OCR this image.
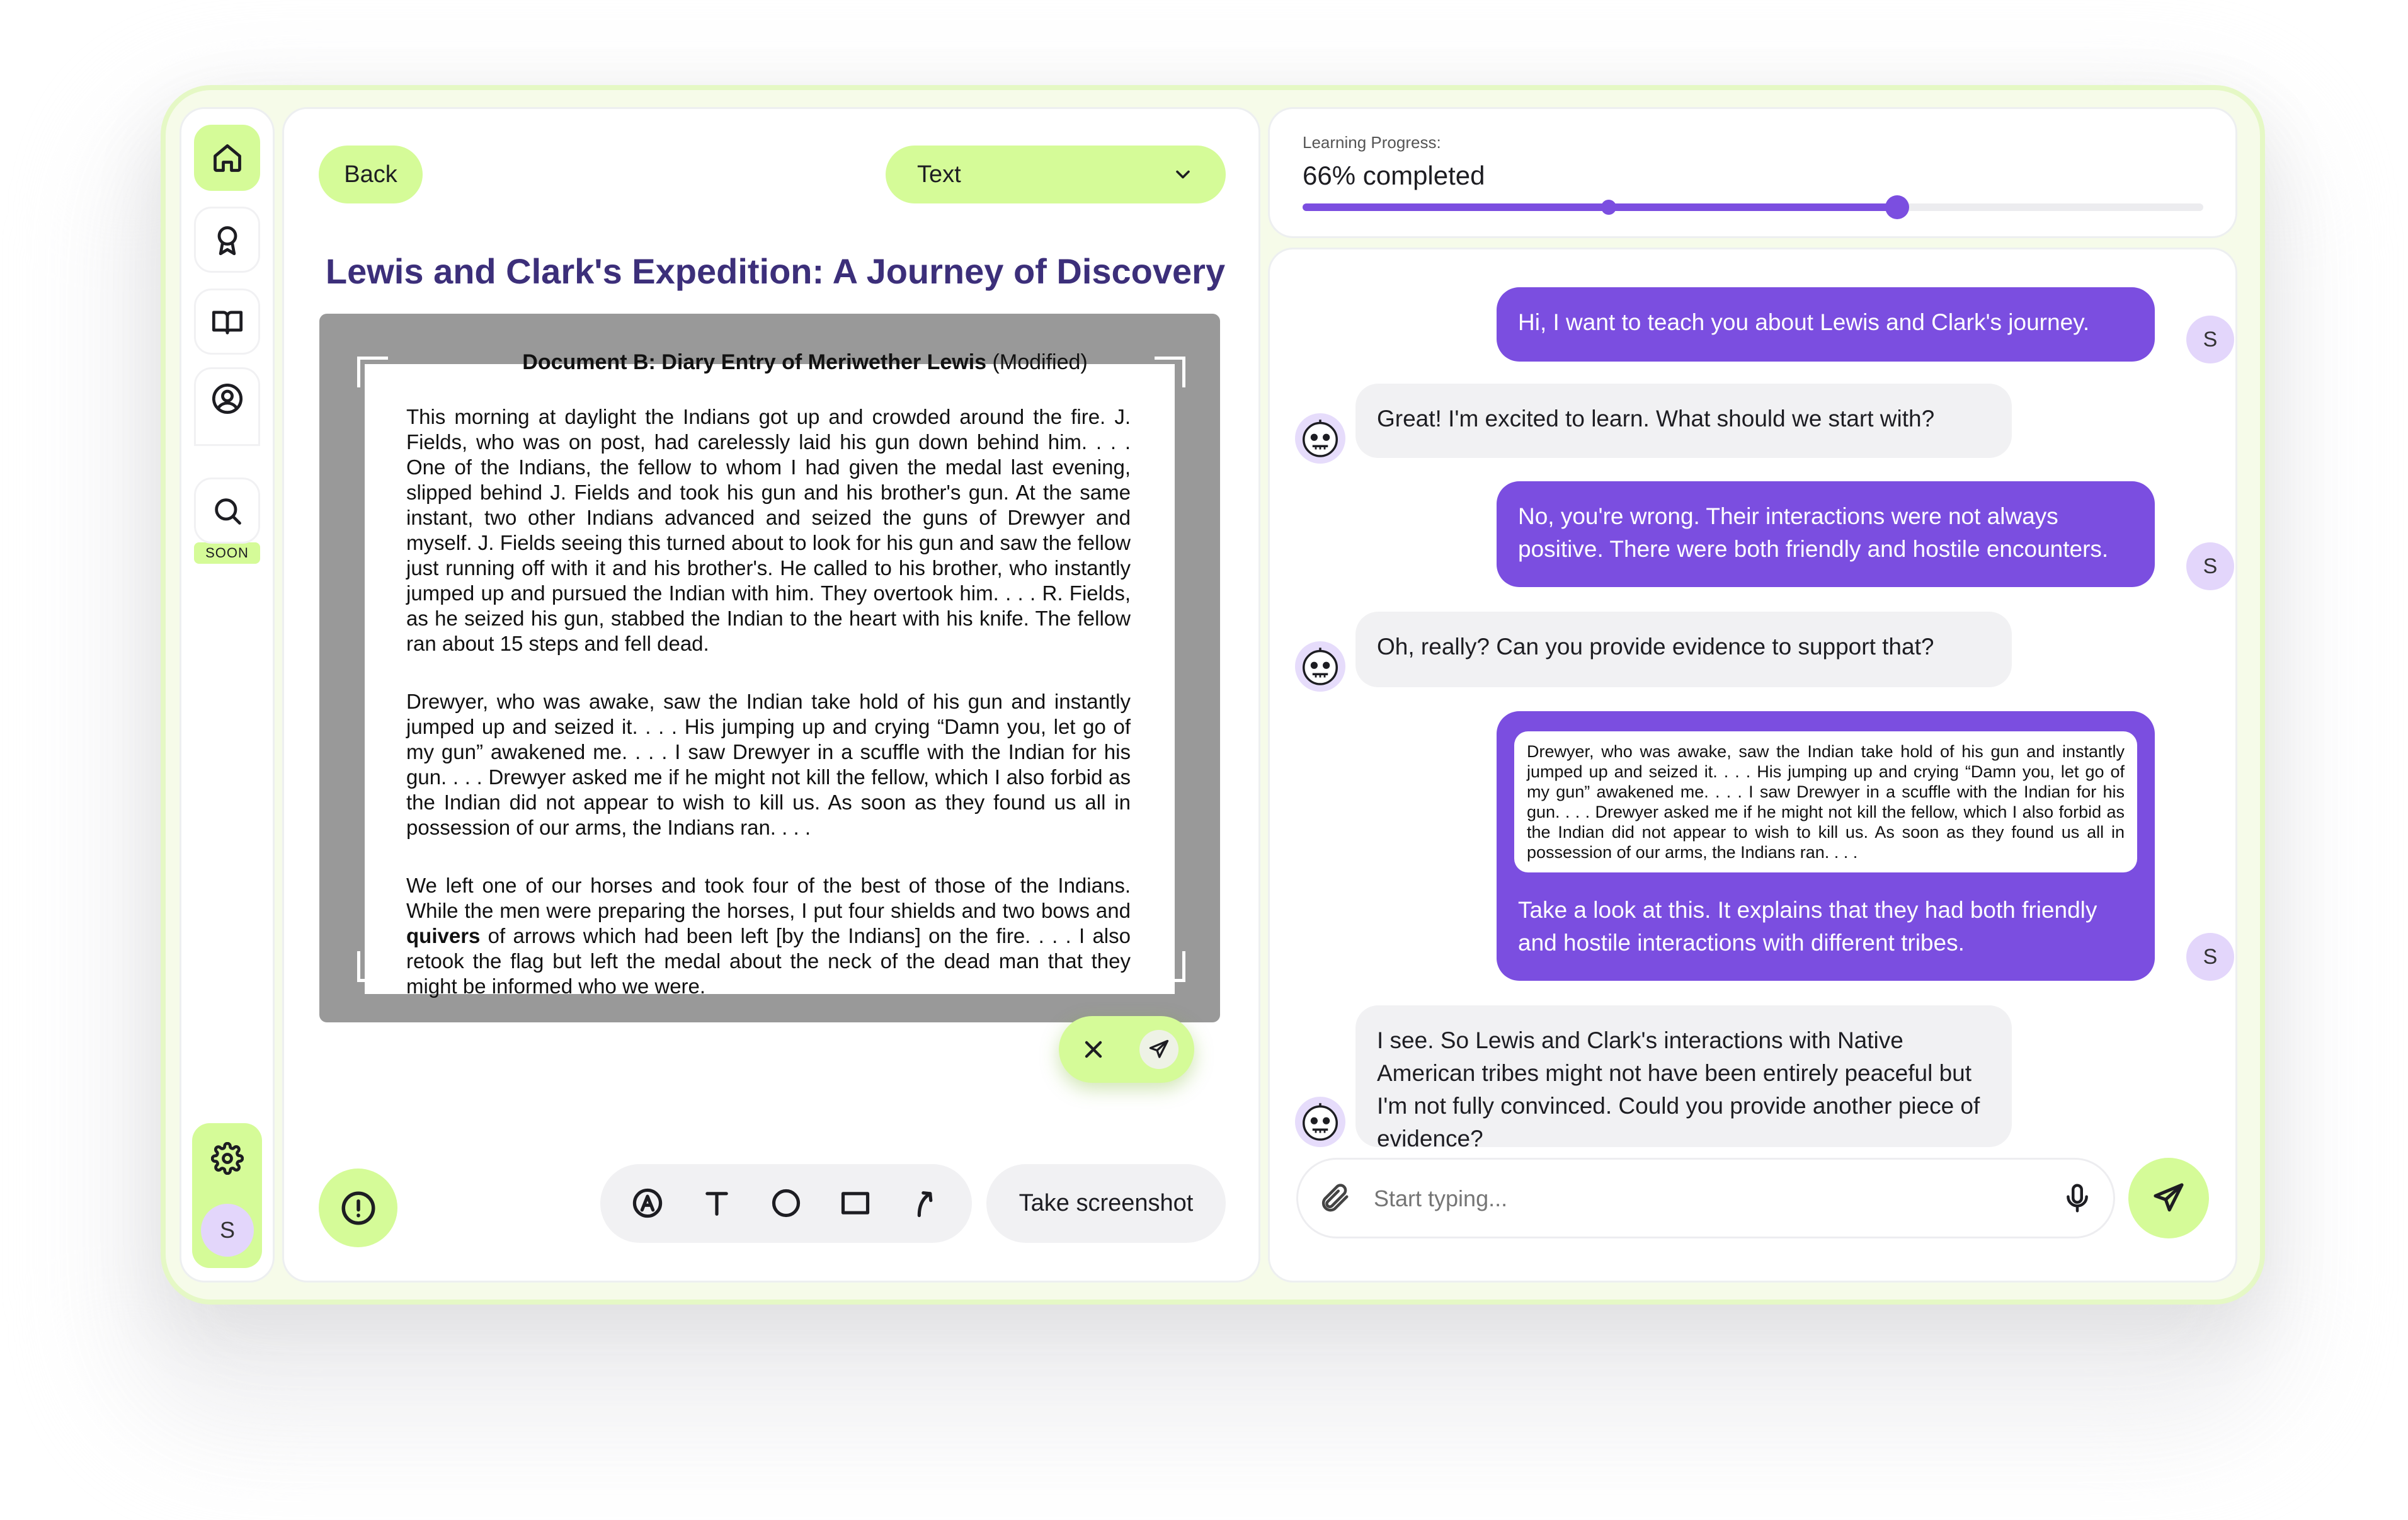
SOON
S
Back	Text
Lewis and Clark's Expedition: A Journey of Discovery

This morning at daylight the Indians got up and crowded around the fire. J. Fields, who was on post, had carelessly laid his gun down behind him. . . . One of the Indians, the fellow to whom I had given the medal last evening, slipped behind J. Fields and took his gun and his brother's gun. At the same instant, two other Indians advanced and seized the guns of Drewyer and myself. J. Fields seeing this turned about to look for his gun and saw the fellow just running off with it and his brother's. He called to his brother, who instantly jumped up and pursued the Indian with him. They overtook him. . . . R. Fields, as he seized his gun, stabbed the Indian to the heart with his knife. The fellow ran about 15 steps and fell dead.

Drewyer, who was awake, saw the Indian take hold of his gun and instantly jumped up and seized it. . . . His jumping up and crying “Damn you, let go of my gun” awakened me. . . . I saw Drewyer in a scuffle with the Indian for his gun. . . . Drewyer asked me if he might not kill the fellow, which I also forbid as the Indian did not appear to wish to kill us. As soon as they found us all in possession of our arms, the Indians ran. . . .

We left one of our horses and took four of the best of those of the Indians. While the men were preparing the horses, I put four shields and two bows and quivers of arrows which had been left [by the Indians] on the fire. . . . I also retook the flag but left the medal about the neck of the dead man that they might be informed who we were.

Document B: Diary Entry of Meriwether Lewis (Modified)
Take screenshot
Learning Progress:
66% completed
Hi, I want to teach you about Lewis and Clark's journey.
S
Great! I'm excited to learn. What should we start with?
No, you're wrong. Their interactions were not always positive. There were both friendly and hostile encounters.
S
Oh, really? Can you provide evidence to support that?
Drewyer, who was awake, saw the Indian take hold of his gun and instantly jumped up and seized it. . . . His jumping up and crying “Damn you, let go of my gun” awakened me. . . . I saw Drewyer in a scuffle with the Indian for his gun. . . . Drewyer asked me if he might not kill the fellow, which I also forbid as the Indian did not appear to wish to kill us. As soon as they found us all in possession of our arms, the Indians ran. . . .
Take a look at this. It explains that they had both friendly and hostile interactions with different tribes.
S
I see. So Lewis and Clark's interactions with Native American tribes might not have been entirely peaceful but I'm not fully convinced. Could you provide another piece of evidence?
Start typing...
